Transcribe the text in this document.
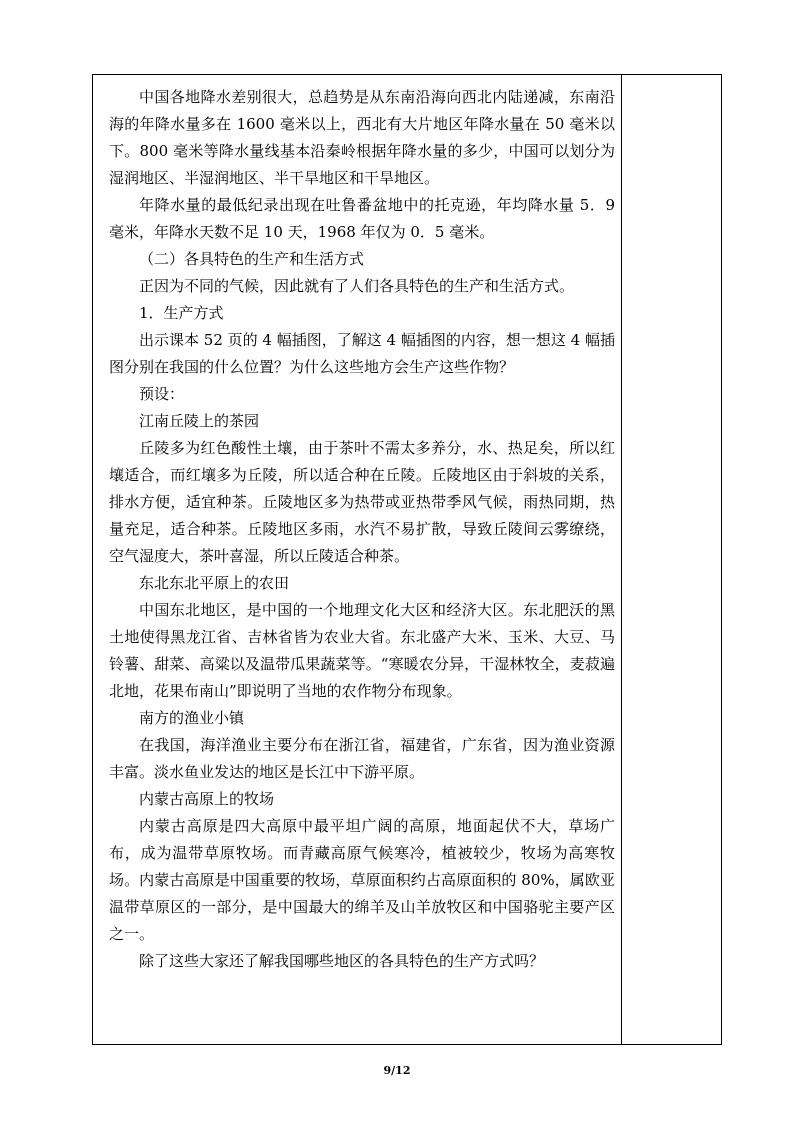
中国各地降水差别很大，总趋势是从东南沿海向西北内陆递减，东南沿海的年降水量多在 1600 毫米以上，西北有大片地区年降水量在 50 毫米以下。800 毫米等降水量线基本沿秦岭根据年降水量的多少，中国可以划分为湿润地区、半湿润地区、半干旱地区和干旱地区。

年降水量的最低纪录出现在吐鲁番盆地中的托克逊，年均降水量 5．9 毫米，年降水天数不足 10 天，1968 年仅为 0．5 毫米。

（二）各具特色的生产和生活方式

正因为不同的气候，因此就有了人们各具特色的生产和生活方式。

1．生产方式

出示课本 52 页的 4 幅插图，了解这 4 幅插图的内容，想一想这 4 幅插图分别在我国的什么位置？为什么这些地方会生产这些作物？

预设：

江南丘陵上的茶园

丘陵多为红色酸性土壤，由于茶叶不需太多养分，水、热足矣，所以红壤适合，而红壤多为丘陵，所以适合种在丘陵。丘陵地区由于斜坡的关系，排水方便，适宜种茶。丘陵地区多为热带或亚热带季风气候，雨热同期，热量充足，适合种茶。丘陵地区多雨，水汽不易扩散，导致丘陵间云雾缭绕，空气湿度大，茶叶喜湿，所以丘陵适合种茶。

东北东北平原上的农田

中国东北地区，是中国的一个地理文化大区和经济大区。东北肥沃的黑土地使得黑龙江省、吉林省皆为农业大省。东北盛产大米、玉米、大豆、马铃薯、甜菜、高粱以及温带瓜果蔬菜等。“寒暖农分异，干湿林牧全，麦菽遍北地，花果布南山”即说明了当地的农作物分布现象。

南方的渔业小镇

在我国，海洋渔业主要分布在浙江省，福建省，广东省，因为渔业资源丰富。淡水鱼业发达的地区是长江中下游平原。

内蒙古高原上的牧场

内蒙古高原是四大高原中最平坦广阔的高原，地面起伏不大，草场广布，成为温带草原牧场。而青藏高原气候寒冷，植被较少，牧场为高寒牧场。内蒙古高原是中国重要的牧场，草原面积约占高原面积的 80%，属欧亚温带草原区的一部分，是中国最大的绵羊及山羊放牧区和中国骆驼主要产区之一。

除了这些大家还了解我国哪些地区的各具特色的生产方式吗？

9/12
